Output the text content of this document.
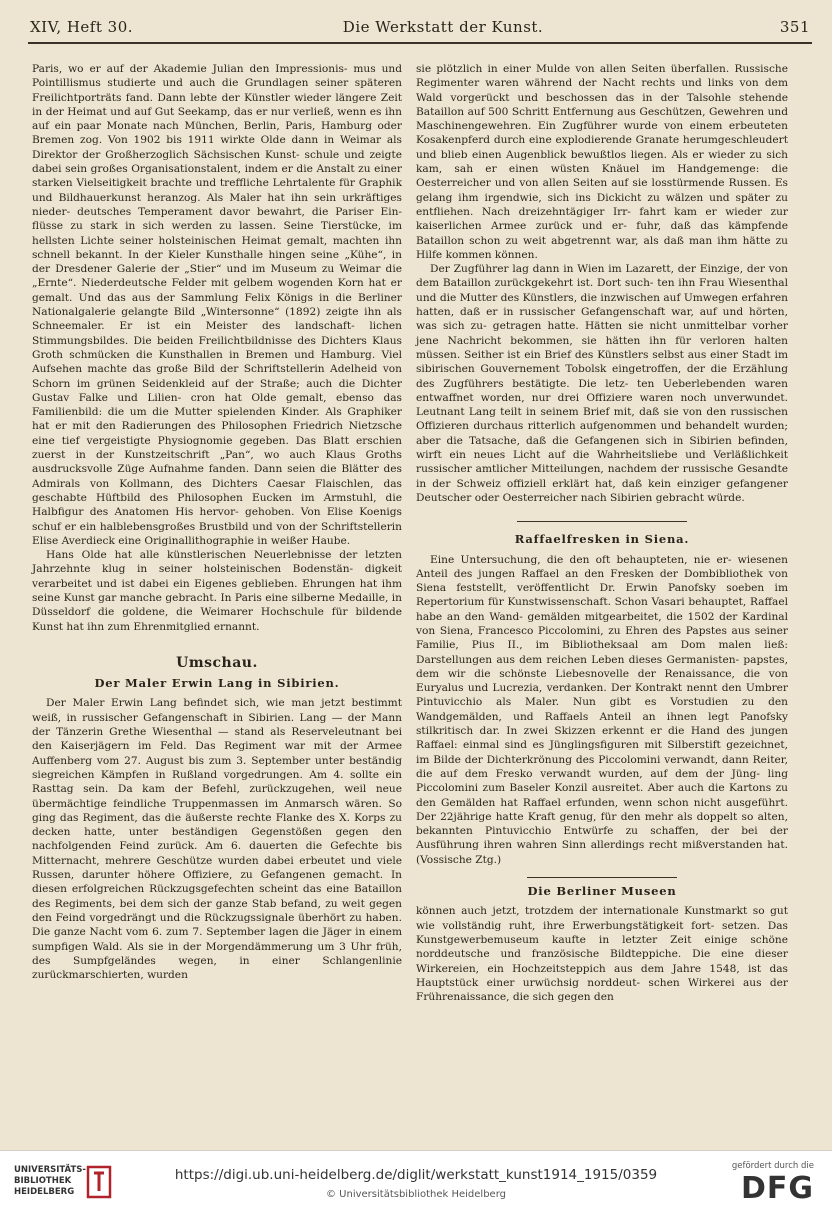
XIV, Heft 30.	Die Werkstatt der Kunst.	351

Paris, wo er auf der Akademie Julian den Impressionis- mus und Pointillismus studierte und auch die Grundlagen seiner späteren Freilichtporträts fand. Dann lebte der Künstler wieder längere Zeit in der Heimat und auf Gut Seekamp, das er nur verließ, wenn es ihn auf ein paar Monate nach München, Berlin, Paris, Hamburg oder Bremen zog. Von 1902 bis 1911 wirkte Olde dann in Weimar als Direktor der Großherzoglich Sächsischen Kunst- schule und zeigte dabei sein großes Organisationstalent, indem er die Anstalt zu einer starken Vielseitigkeit brachte und treffliche Lehrtalente für Graphik und Bildhauerkunst heranzog. Als Maler hat ihn sein urkräftiges nieder- deutsches Temperament davor bewahrt, die Pariser Ein- flüsse zu stark in sich werden zu lassen. Seine Tierstücke, im hellsten Lichte seiner holsteinischen Heimat gemalt, machten ihn schnell bekannt. In der Kieler Kunsthalle hingen seine „Kühe“, in der Dresdener Galerie der „Stier“ und im Museum zu Weimar die „Ernte“. Niederdeutsche Felder mit gelbem wogenden Korn hat er gemalt. Und das aus der Sammlung Felix Königs in die Berliner Nationalgalerie gelangte Bild „Wintersonne“ (1892) zeigte ihn als Schneemaler. Er ist ein Meister des landschaft- lichen Stimmungsbildes. Die beiden Freilichtbildnisse des Dichters Klaus Groth schmücken die Kunsthallen in Bremen und Hamburg. Viel Aufsehen machte das große Bild der Schriftstellerin Adelheid von Schorn im grünen Seidenkleid auf der Straße; auch die Dichter Gustav Falke und Lilien- cron hat Olde gemalt, ebenso das Familienbild: die um die Mutter spielenden Kinder. Als Graphiker hat er mit den Radierungen des Philosophen Friedrich Nietzsche eine tief vergeistigte Physiognomie gegeben. Das Blatt erschien zuerst in der Kunstzeitschrift „Pan“, wo auch Klaus Groths ausdrucksvolle Züge Aufnahme fanden. Dann seien die Blätter des Admirals von Kollmann, des Dichters Caesar Flaischlen, das geschabte Hüftbild des Philosophen Eucken im Armstuhl, die Halbfigur des Anatomen His hervor- gehoben. Von Elise Koenigs schuf er ein halblebensgroßes Brustbild und von der Schriftstellerin Elise Averdieck eine Originallithographie in weißer Haube.

Hans Olde hat alle künstlerischen Neuerlebnisse der letzten Jahrzehnte klug in seiner holsteinischen Bodenstän- digkeit verarbeitet und ist dabei ein Eigenes geblieben. Ehrungen hat ihm seine Kunst gar manche gebracht. In Paris eine silberne Medaille, in Düsseldorf die goldene, die Weimarer Hochschule für bildende Kunst hat ihn zum Ehrenmitglied ernannt.

Umschau.
Der Maler Erwin Lang in Sibirien.

Der Maler Erwin Lang befindet sich, wie man jetzt bestimmt weiß, in russischer Gefangenschaft in Sibirien. Lang — der Mann der Tänzerin Grethe Wiesenthal — stand als Reserveleutnant bei den Kaiserjägern im Feld. Das Regiment war mit der Armee Auffenberg vom 27. August bis zum 3. September unter beständig siegreichen Kämpfen in Rußland vorgedrungen. Am 4. sollte ein Rasttag sein. Da kam der Befehl, zurückzugehen, weil neue übermächtige feindliche Truppenmassen im Anmarsch wären. So ging das Regiment, das die äußerste rechte Flanke des X. Korps zu decken hatte, unter beständigen Gegenstößen gegen den nachfolgenden Feind zurück. Am 6. dauerten die Gefechte bis Mitternacht, mehrere Geschütze wurden dabei erbeutet und viele Russen, darunter höhere Offiziere, zu Gefangenen gemacht. In diesen erfolgreichen Rückzugsgefechten scheint das eine Bataillon des Regiments, bei dem sich der ganze Stab befand, zu weit gegen den Feind vorgedrängt und die Rückzugssignale überhört zu haben. Die ganze Nacht vom 6. zum 7. September lagen die Jäger in einem sumpfigen Wald. Als sie in der Morgendämmerung um 3 Uhr früh, des Sumpfgeländes wegen, in einer Schlangenlinie zurückmarschierten, wurden

sie plötzlich in einer Mulde von allen Seiten überfallen. Russische Regimenter waren während der Nacht rechts und links von dem Wald vorgerückt und beschossen das in der Talsohle stehende Bataillon auf 500 Schritt Entfernung aus Geschützen, Gewehren und Maschinengewehren. Ein Zugführer wurde von einem erbeuteten Kosakenpferd durch eine explodierende Granate herumgeschleudert und blieb einen Augenblick bewußtlos liegen. Als er wieder zu sich kam, sah er einen wüsten Knäuel im Handgemenge: die Oesterreicher und von allen Seiten auf sie losstürmende Russen. Es gelang ihm irgendwie, sich ins Dickicht zu wälzen und später zu entfliehen. Nach dreizehntägiger Irr- fahrt kam er wieder zur kaiserlichen Armee zurück und er- fuhr, daß das kämpfende Bataillon schon zu weit abgetrennt war, als daß man ihm hätte zu Hilfe kommen können.

Der Zugführer lag dann in Wien im Lazarett, der Einzige, der von dem Bataillon zurückgekehrt ist. Dort such- ten ihn Frau Wiesenthal und die Mutter des Künstlers, die inzwischen auf Umwegen erfahren hatten, daß er in russischer Gefangenschaft war, auf und hörten, was sich zu- getragen hatte. Hätten sie nicht unmittelbar vorher jene Nachricht bekommen, sie hätten ihn für verloren halten müssen. Seither ist ein Brief des Künstlers selbst aus einer Stadt im sibirischen Gouvernement Tobolsk eingetroffen, der die Erzählung des Zugführers bestätigte. Die letz- ten Ueberlebenden waren entwaffnet worden, nur drei Offiziere waren noch unverwundet. Leutnant Lang teilt in seinem Brief mit, daß sie von den russischen Offizieren durchaus ritterlich aufgenommen und behandelt wurden; aber die Tatsache, daß die Gefangenen sich in Sibirien befinden, wirft ein neues Licht auf die Wahrheitsliebe und Verläßlichkeit russischer amtlicher Mitteilungen, nachdem der russische Gesandte in der Schweiz offiziell erklärt hat, daß kein einziger gefangener Deutscher oder Oesterreicher nach Sibirien gebracht würde.

Raffaelfresken in Siena.

Eine Untersuchung, die den oft behaupteten, nie er- wiesenen Anteil des jungen Raffael an den Fresken der Dombibliothek von Siena feststellt, veröffentlicht Dr. Erwin Panofsky soeben im Repertorium für Kunstwissenschaft. Schon Vasari behauptet, Raffael habe an den Wand- gemälden mitgearbeitet, die 1502 der Kardinal von Siena, Francesco Piccolomini, zu Ehren des Papstes aus seiner Familie, Pius II., im Bibliotheksaal am Dom malen ließ: Darstellungen aus dem reichen Leben dieses Germanisten- papstes, dem wir die schönste Liebesnovelle der Renaissance, die von Euryalus und Lucrezia, verdanken. Der Kontrakt nennt den Umbrer Pintuvicchio als Maler. Nun gibt es Vorstudien zu den Wandgemälden, und Raffaels Anteil an ihnen legt Panofsky stilkritisch dar. In zwei Skizzen erkennt er die Hand des jungen Raffael: einmal sind es Jünglingsfiguren mit Silberstift gezeichnet, im Bilde der Dichterkrönung des Piccolomini verwandt, dann Reiter, die auf dem Fresko verwandt wurden, auf dem der Jüng- ling Piccolomini zum Baseler Konzil ausreitet. Aber auch die Kartons zu den Gemälden hat Raffael erfunden, wenn schon nicht ausgeführt. Der 22jährige hatte Kraft genug, für den mehr als doppelt so alten, bekannten Pintuvicchio Entwürfe zu schaffen, der bei der Ausführung ihren wahren Sinn allerdings recht mißverstanden hat. (Vossische Ztg.)

Die Berliner Museen

können auch jetzt, trotzdem der internationale Kunstmarkt so gut wie vollständig ruht, ihre Erwerbungstätigkeit fort- setzen. Das Kunstgewerbemuseum kaufte in letzter Zeit einige schöne norddeutsche und französische Bildteppiche. Die eine dieser Wirkereien, ein Hochzeitsteppich aus dem Jahre 1548, ist das Hauptstück einer urwüchsig norddeut- schen Wirkerei aus der Frührenaissance, die sich gegen den

UNIVERSITÄTS-
BIBLIOTHEK
HEIDELBERG
https://digi.ub.uni-heidelberg.de/diglit/werkstatt_kunst1914_1915/0359
© Universitätsbibliothek Heidelberg
gefördert durch die
DFG
